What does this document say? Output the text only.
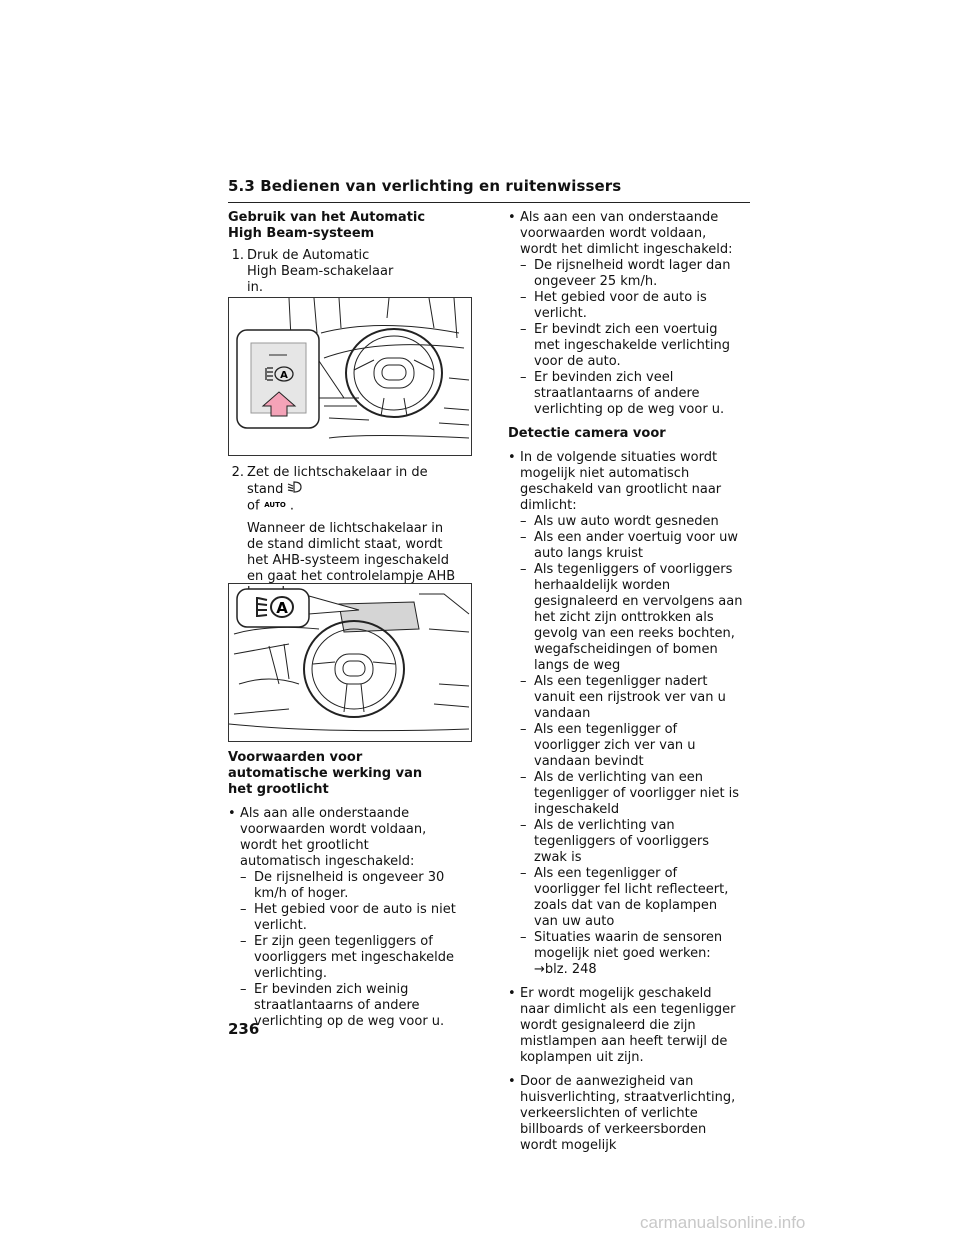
5.3 Bedienen van verlichting en ruitenwissers

Gebruik van het Automatic High Beam-systeem

1. Druk de Automatic High Beam-schakelaar in.
A
2. Zet de lichtschakelaar in de stand
of AUTO .

Wanneer de lichtschakelaar in de stand dimlicht staat, wordt het AHB-systeem ingeschakeld en gaat het controlelampje AHB

A

Voorwaarden voor automatische werking van het grootlicht

• Als aan alle onderstaande voorwaarden wordt voldaan, wordt het grootlicht automatisch ingeschakeld:
– De rijsnelheid is ongeveer 30 km/h of hoger.
– Het gebied voor de auto is niet verlicht.
– Er zijn geen tegenliggers of voorliggers met ingeschakelde verlichting.
– Er bevinden zich weinig straatlantaarns of andere verlichting op de weg voor u.
• Als aan een van onderstaande voorwaarden wordt voldaan, wordt het dimlicht ingeschakeld:
– De rijsnelheid wordt lager dan ongeveer 25 km/h.
– Het gebied voor de auto is verlicht.
– Er bevindt zich een voertuig met ingeschakelde verlichting voor de auto.
– Er bevinden zich veel straatlantaarns of andere verlichting op de weg voor u.

Detectie camera voor

• In de volgende situaties wordt mogelijk niet automatisch geschakeld van grootlicht naar dimlicht:
– Als uw auto wordt gesneden
– Als een ander voertuig voor uw auto langs kruist
– Als tegenliggers of voorliggers herhaaldelijk worden gesignaleerd en vervolgens aan het zicht zijn onttrokken als gevolg van een reeks bochten, wegafscheidingen of bomen langs de weg
– Als een tegenligger nadert vanuit een rijstrook ver van u vandaan
– Als een tegenligger of voorligger zich ver van u vandaan bevindt
– Als de verlichting van een tegenligger of voorligger niet is ingeschakeld
– Als de verlichting van tegenliggers of voorliggers zwak is
– Als een tegenligger of voorligger fel licht reflecteert, zoals dat van de koplampen van uw auto
– Situaties waarin de sensoren mogelijk niet goed werken:
→blz. 248
• Er wordt mogelijk geschakeld naar dimlicht als een tegenligger wordt gesignaleerd die zijn mistlampen aan heeft terwijl de koplampen uit zijn.
• Door de aanwezigheid van huisverlichting, straatverlichting, verkeerslichten of verlichte billboards of verkeersborden wordt mogelijk
236
carmanualsonline.info
